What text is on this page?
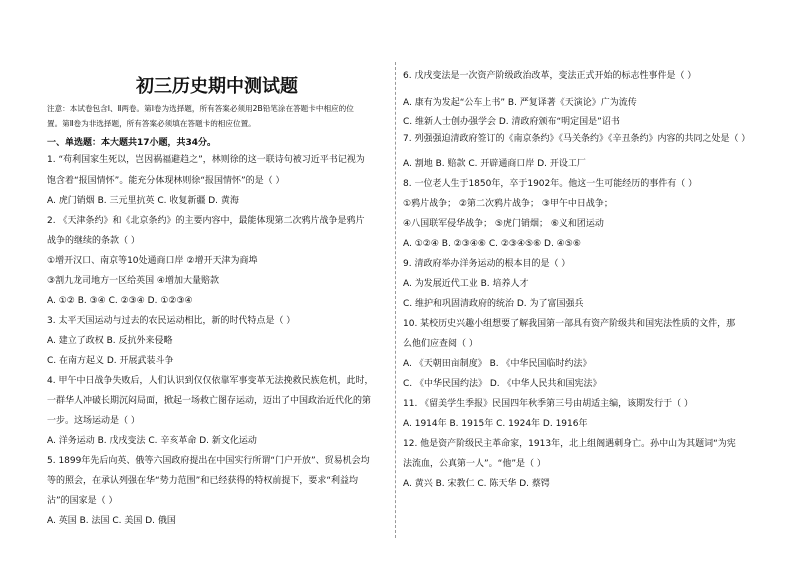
初三历史期中测试题
注意：本试卷包含Ⅰ、Ⅱ两卷。第Ⅰ卷为选择题，所有答案必须用2B铅笔涂在答题卡中相应的位
置。第Ⅱ卷为非选择题，所有答案必须填在答题卡的相应位置。
一、单选题：本大题共17小题，共34分。
1. “苟利国家生死以，岂因祸福避趋之”，林则徐的这一联诗句被习近平书记视为
饱含着“报国情怀”。能充分体现林则徐“报国情怀”的是（ ）
A. 虎门销烟 B. 三元里抗英 C. 收复新疆 D. 黄海
2. 《天津条约》和《北京条约》的主要内容中，最能体现第二次鸦片战争是鸦片
战争的继续的条款（ ）
①增开汉口、南京等10处通商口岸 ②增开天津为商埠
③割九龙司地方一区给英国 ④增加大量赔款
A. ①② B. ③④ C. ②③④ D. ①②③④
3. 太平天国运动与过去的农民运动相比，新的时代特点是（ ）
A. 建立了政权 B. 反抗外来侵略
C. 在南方起义 D. 开展武装斗争
4. 甲午中日战争失败后，人们认识到仅仅依靠军事变革无法挽救民族危机，此时，
一群华人冲破长期沉闷局面，掀起一场救亡图存运动，迈出了中国政治近代化的第
一步。这场运动是（ ）
A. 洋务运动 B. 戊戌变法 C. 辛亥革命 D. 新文化运动
5. 1899年先后向英、俄等六国政府提出在中国实行所谓“门户开放”、贸易机会均
等的照会，在承认列强在华“势力范围”和已经获得的特权前提下，要求“利益均
沾”的国家是（ ）
A. 英国 B. 法国 C. 美国 D. 俄国
6. 戊戌变法是一次资产阶级政治改革，变法正式开始的标志性事件是（ ）
A. 康有为发起“公车上书” B. 严复译著《天演论》广为流传
C. 维新人士创办强学会 D. 清政府颁布“明定国是”诏书
7. 列强强迫清政府签订的《南京条约》《马关条约》《辛丑条约》内容的共同之处是（ ）
A. 割地 B. 赔款 C. 开辟通商口岸 D. 开设工厂
8. 一位老人生于1850年，卒于1902年。他这一生可能经历的事件有（ ）
①鸦片战争； ②第二次鸦片战争； ③甲午中日战争；
④八国联军侵华战争； ⑤虎门销烟； ⑥义和团运动
A. ①②④ B. ②③④⑥ C. ②③④⑤⑥ D. ④⑤⑥
9. 清政府举办洋务运动的根本目的是（ ）
A. 为发展近代工业 B. 培养人才
C. 维护和巩固清政府的统治 D. 为了富国强兵
10. 某校历史兴趣小组想要了解我国第一部具有资产阶级共和国宪法性质的文件，那
么他们应查阅（ ）
A. 《天朝田亩制度》 B. 《中华民国临时约法》
C. 《中华民国约法》 D. 《中华人民共和国宪法》
11. 《留美学生季报》民国四年秋季第三号由胡适主编，该期发行于（ ）
A. 1914年 B. 1915年 C. 1924年 D. 1916年
12. 他是资产阶级民主革命家，1913年，北上组阁遇刺身亡。孙中山为其题词“为宪
法流血，公真第一人”。“他”是（ ）
A. 黄兴 B. 宋教仁 C. 陈天华 D. 蔡锷
